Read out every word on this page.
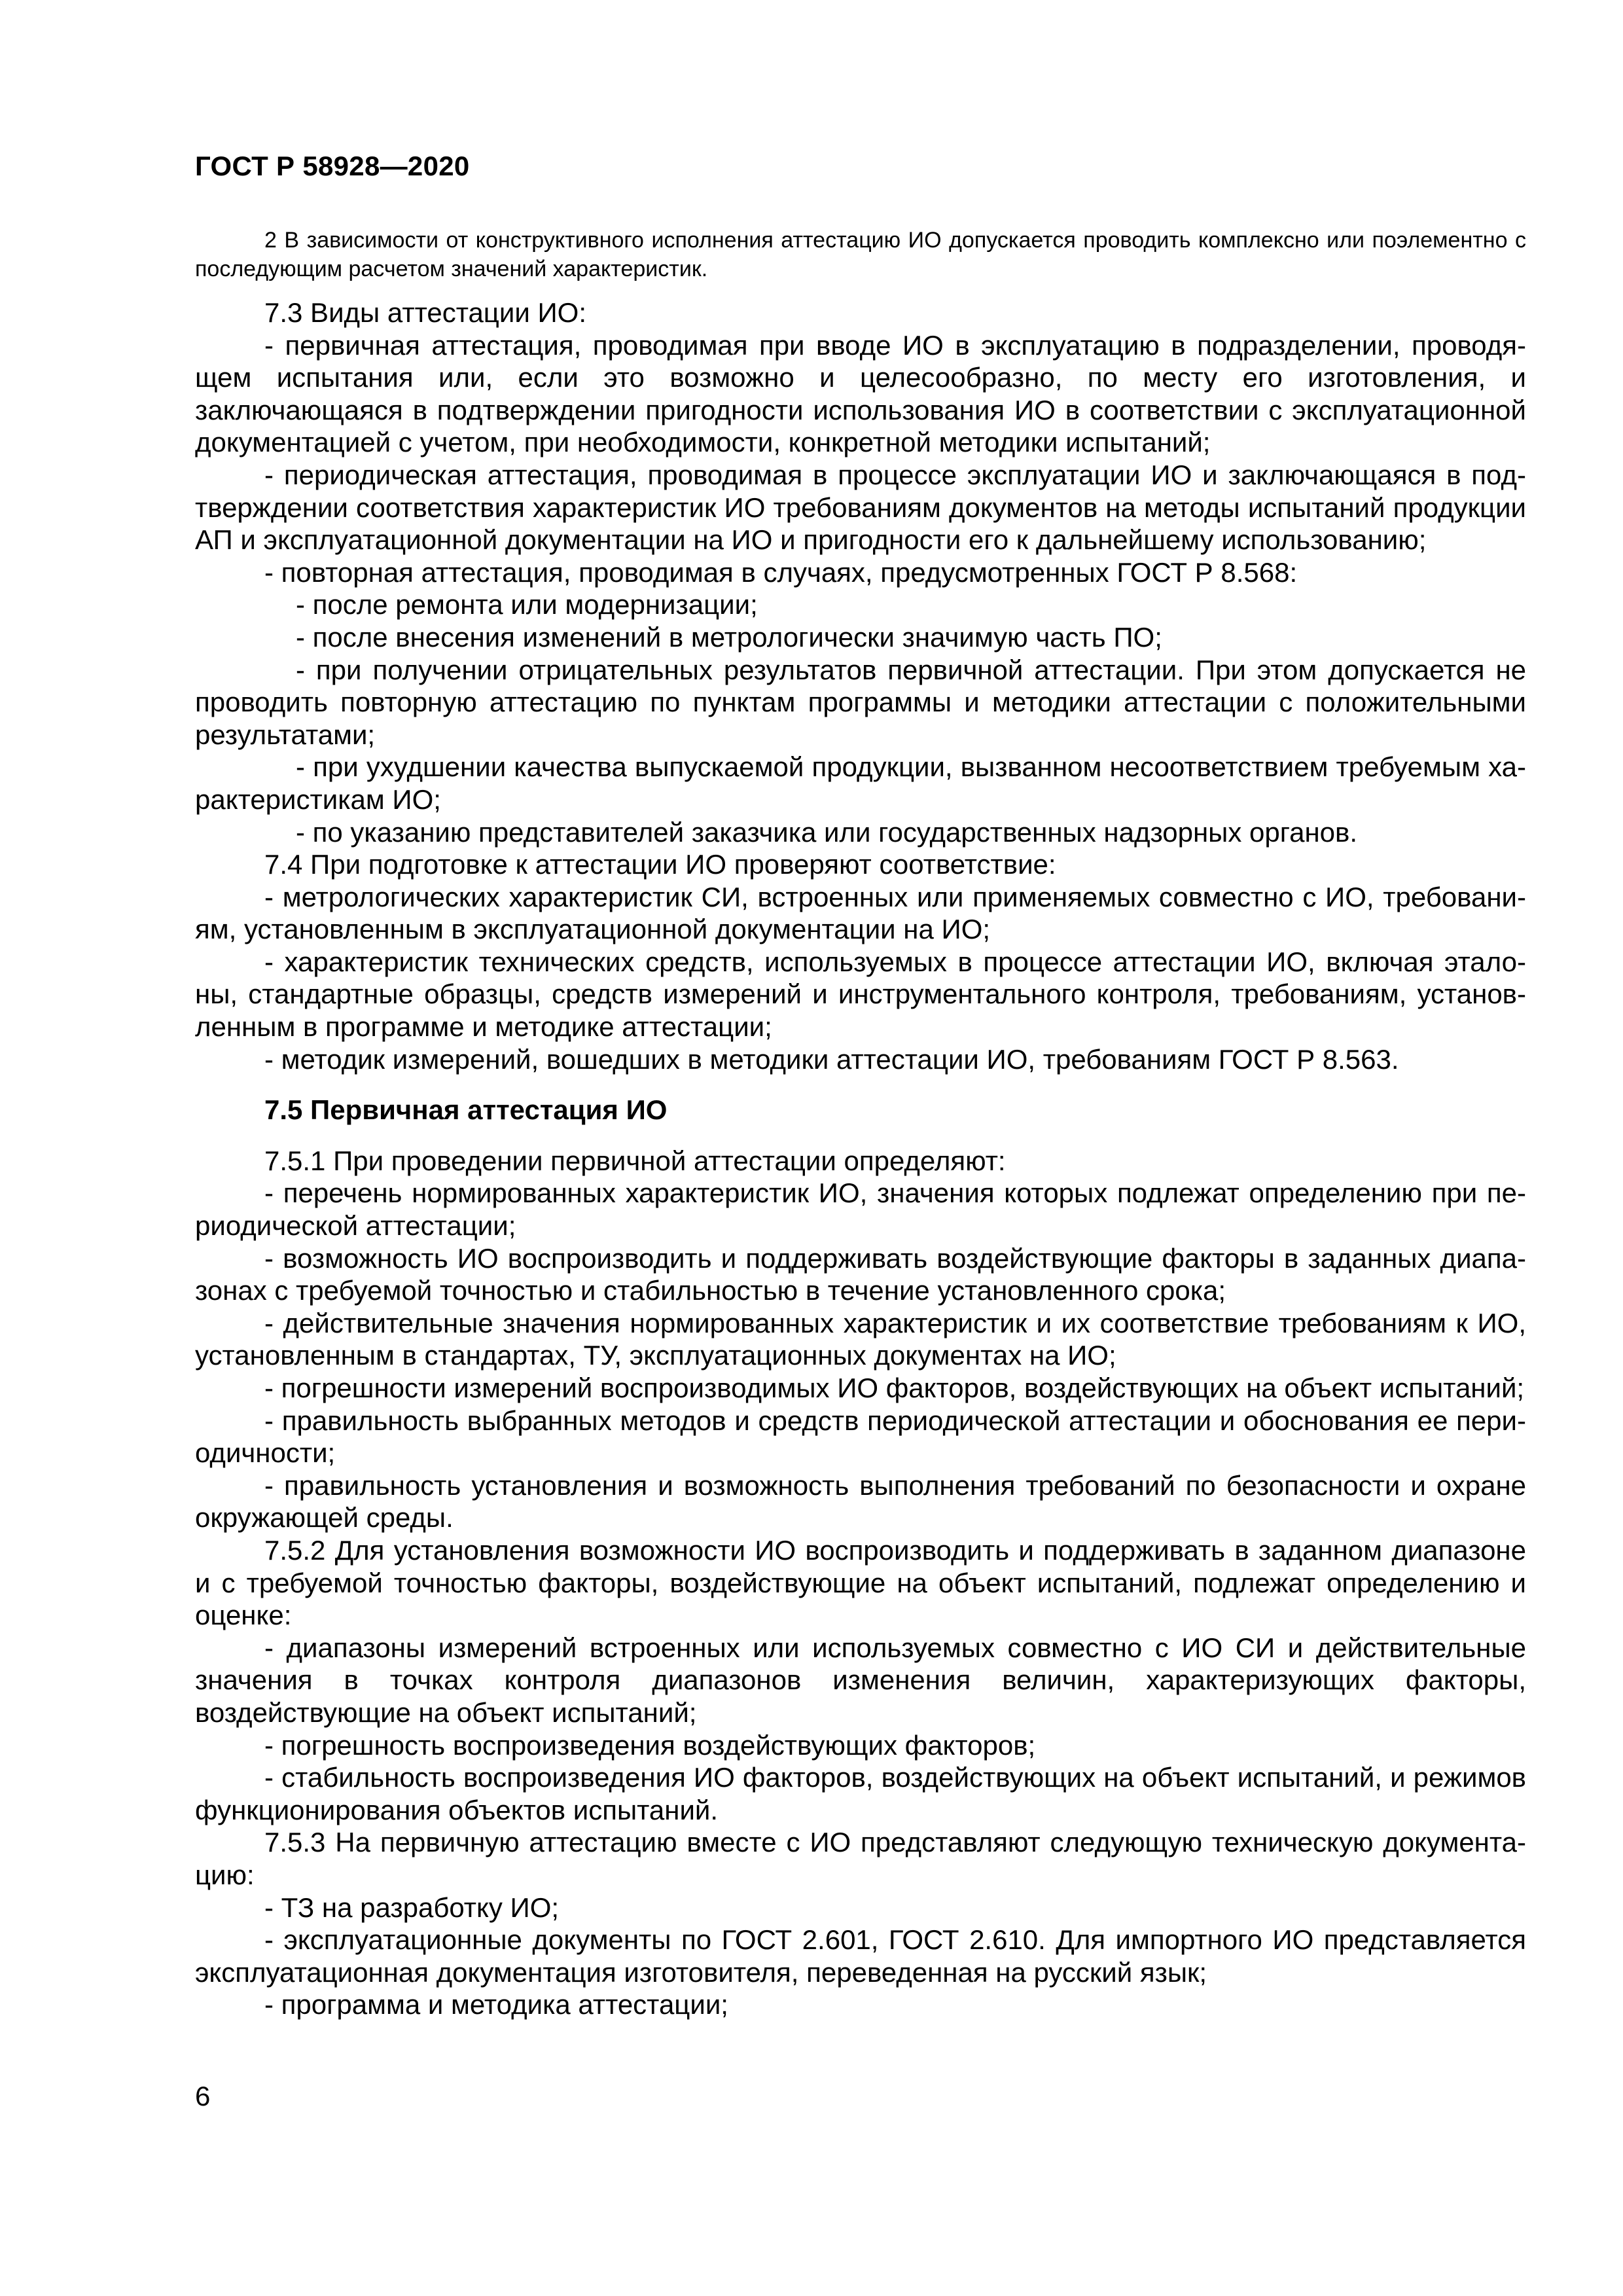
ГОСТ Р 58928—2020

2 В зависимости от конструктивного исполнения аттестацию ИО допускается проводить комплексно или поэлементно с последующим расчетом значений характеристик.

7.3 Виды аттестации ИО:

- первичная аттестация, проводимая при вводе ИО в эксплуатацию в подразделении, проводящем испытания или, если это возможно и целесообразно, по месту его изготовления, и заключающаяся в подтверждении пригодности использования ИО в соответствии с эксплуатационной документацией с учетом, при необходимости, конкретной методики испытаний;

- периодическая аттестация, проводимая в процессе эксплуатации ИО и заключающаяся в подтверждении соответствия характеристик ИО требованиям документов на методы испытаний продукции АП и эксплуатационной документации на ИО и пригодности его к дальнейшему использованию;

- повторная аттестация, проводимая в случаях, предусмотренных ГОСТ Р 8.568:

- после ремонта или модернизации;

- после внесения изменений в метрологически значимую часть ПО;

- при получении отрицательных результатов первичной аттестации. При этом допускается не проводить повторную аттестацию по пунктам программы и методики аттестации с положительными результатами;

- при ухудшении качества выпускаемой продукции, вызванном несоответствием требуемым характеристикам ИО;

- по указанию представителей заказчика или государственных надзорных органов.

7.4 При подготовке к аттестации ИО проверяют соответствие:

- метрологических характеристик СИ, встроенных или применяемых совместно с ИО, требованиям, установленным в эксплуатационной документации на ИО;

- характеристик технических средств, используемых в процессе аттестации ИО, включая эталоны, стандартные образцы, средств измерений и инструментального контроля, требованиям, установленным в программе и методике аттестации;

- методик измерений, вошедших в методики аттестации ИО, требованиям ГОСТ Р 8.563.

7.5 Первичная аттестация ИО

7.5.1 При проведении первичной аттестации определяют:

- перечень нормированных характеристик ИО, значения которых подлежат определению при периодической аттестации;

- возможность ИО воспроизводить и поддерживать воздействующие факторы в заданных диапазонах с требуемой точностью и стабильностью в течение установленного срока;

- действительные значения нормированных характеристик и их соответствие требованиям к ИО, установленным в стандартах, ТУ, эксплуатационных документах на ИО;

- погрешности измерений воспроизводимых ИО факторов, воздействующих на объект испытаний;

- правильность выбранных методов и средств периодической аттестации и обоснования ее периодичности;

- правильность установления и возможность выполнения требований по безопасности и охране окружающей среды.

7.5.2 Для установления возможности ИО воспроизводить и поддерживать в заданном диапазоне и с требуемой точностью факторы, воздействующие на объект испытаний, подлежат определению и оценке:

- диапазоны измерений встроенных или используемых совместно с ИО СИ и действительные значения в точках контроля диапазонов изменения величин, характеризующих факторы, воздействующие на объект испытаний;

- погрешность воспроизведения воздействующих факторов;

- стабильность воспроизведения ИО факторов, воздействующих на объект испытаний, и режимов функционирования объектов испытаний.

7.5.3 На первичную аттестацию вместе с ИО представляют следующую техническую документацию:

- ТЗ на разработку ИО;

- эксплуатационные документы по ГОСТ 2.601, ГОСТ 2.610. Для импортного ИО представляется эксплуатационная документация изготовителя, переведенная на русский язык;

- программа и методика аттестации;

6
